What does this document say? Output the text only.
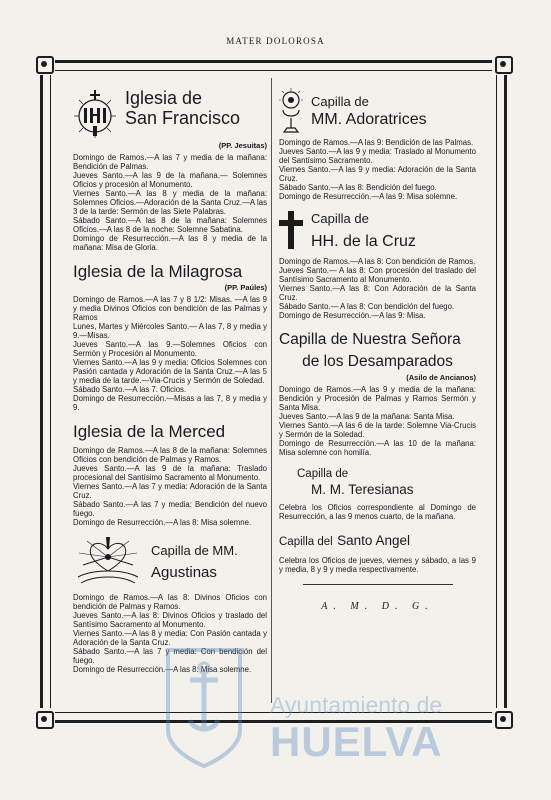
MATER DOLOROSA
Iglesia de
San Francisco
(PP. Jesuitas)

Domingo de Ramos.—A las 7 y media de la mañana: Bendición de Palmas.

Jueves Santo.—A las 9 de la mañana.— Solemnes Oficios y procesión al Monumento.

Viernes Santo.—A las 8 y media de la mañana: Solemnes Oficios.—Adoración de la Santa Cruz.—A las 3 de la tarde: Sermón de las Siete Palabras.

Sábado Santo.—A las 8 de la mañana: Solemnes Oficios.—A las 8 de la noche: Solemne Sabatina.

Domingo de Resurrección.—A las 8 y media de la mañana: Misa de Gloria.

Iglesia de la Milagrosa
(PP. Paúles)

Domingo de Ramos.—A las 7 y 8 1/2: Misas. —A las 9 y media Divinos Oficios con bendición de las Palmas y Ramos

Lunes, Martes y Miércoles Santo.— A las 7, 8 y media y 9.—Misas.

Jueves Santo.—A las 9.—Solemnes Oficios con Sermón y Procesión al Monumento.

Viernes Santo.—A las 9 y media: Oficios Solemnes con Pasión cantada y Adoración de la Santa Cruz.—A las 5 y media de la tarde.—Via-Crucis y Sermón de Soledad.

Sábado Santo.—A las 7. Oficios.

Domingo de Resurrección.—Misas a las 7, 8 y media y 9.

Iglesia de la Merced

Domingo de Ramos.—A las 8 de la mañana: Solemnes Oficios con bendición de Palmas y Ramos.

Jueves Santo.—A las 9 de la mañana: Traslado procesional del Santísimo Sacramento al Monumento.

Viernes Santo.—A las 7 y media: Adoración de la Santa Cruz.

Sábado Santo.—A las 7 y media: Bendición del nuevo fuego.

Domingo de Resurrección.—A las 8: Misa solemne.

Capilla de MM.
Agustinas

Domingo de Ramos.—A las 8: Divinos Oficios con bendición de Palmas y Ramos.

Jueves Santo.—A las 8: Divinos Oficios y traslado del Santísimo Sacramento al Monumento.

Viernes Santo.—A las 8 y media: Con Pasión cantada y Adoración de la Santa Cruz.

Sábado Santo.—A las 7 y media: Con bendición del fuego.

Domingo de Resurrección.—A las 8: Misa solemne.

Capilla de
MM. Adoratrices

Domingo de Ramos.—A las 9: Bendición de las Palmas.

Jueves Santo.—A las 9 y media: Traslado al Monumento del Santísimo Sacramento.

Viernes Santo.—A las 9 y media: Adoración de la Santa Cruz.

Sábado Santo.—A las 8: Bendición del fuego.

Domingo de Resurrección.—A las 9: Misa solemne.

Capilla de
HH. de la Cruz

Domingo de Ramos.—A las 8: Con bendición de Ramos.

Jueves Santo.— A las 8: Con procesión del traslado del Santísimo Sacramento al Monumento.

Viernes Santo.—A las 8: Con Adoración de la Santa Cruz.

Sábado Santo.— A las 8: Con bendición del fuego.

Domingo de Resurrección.—A las 9: Misa.

Capilla de Nuestra Señora
de los Desamparados
(Asilo de Ancianos)

Domingo de Ramos.—A las 9 y media de la mañana: Bendición y Procesión de Palmas y Ramos Sermón y Santa Misa.

Jueves Santo.—A las 9 de la mañana: Santa Misa.

Viernes Santo.—A las 6 de la tarde: Solemne Via-Crucis y Sermón de la Soledad.

Domingo de Resurrección.—A las 10 de la mañana: Misa solemne con homilía.

Capilla de
M. M. Teresianas

Celebra los Oficios correspondiente al Domingo de Resurrección, a las 9 menos cuarto, de la mañana.

Capilla del Santo Angel

Celebra los Oficios de jueves, viernes y sábado, a las 9 y media, 8 y 9 y media respectivamente.

A. M. D. G.
Ayuntamiento de
HUELVA
